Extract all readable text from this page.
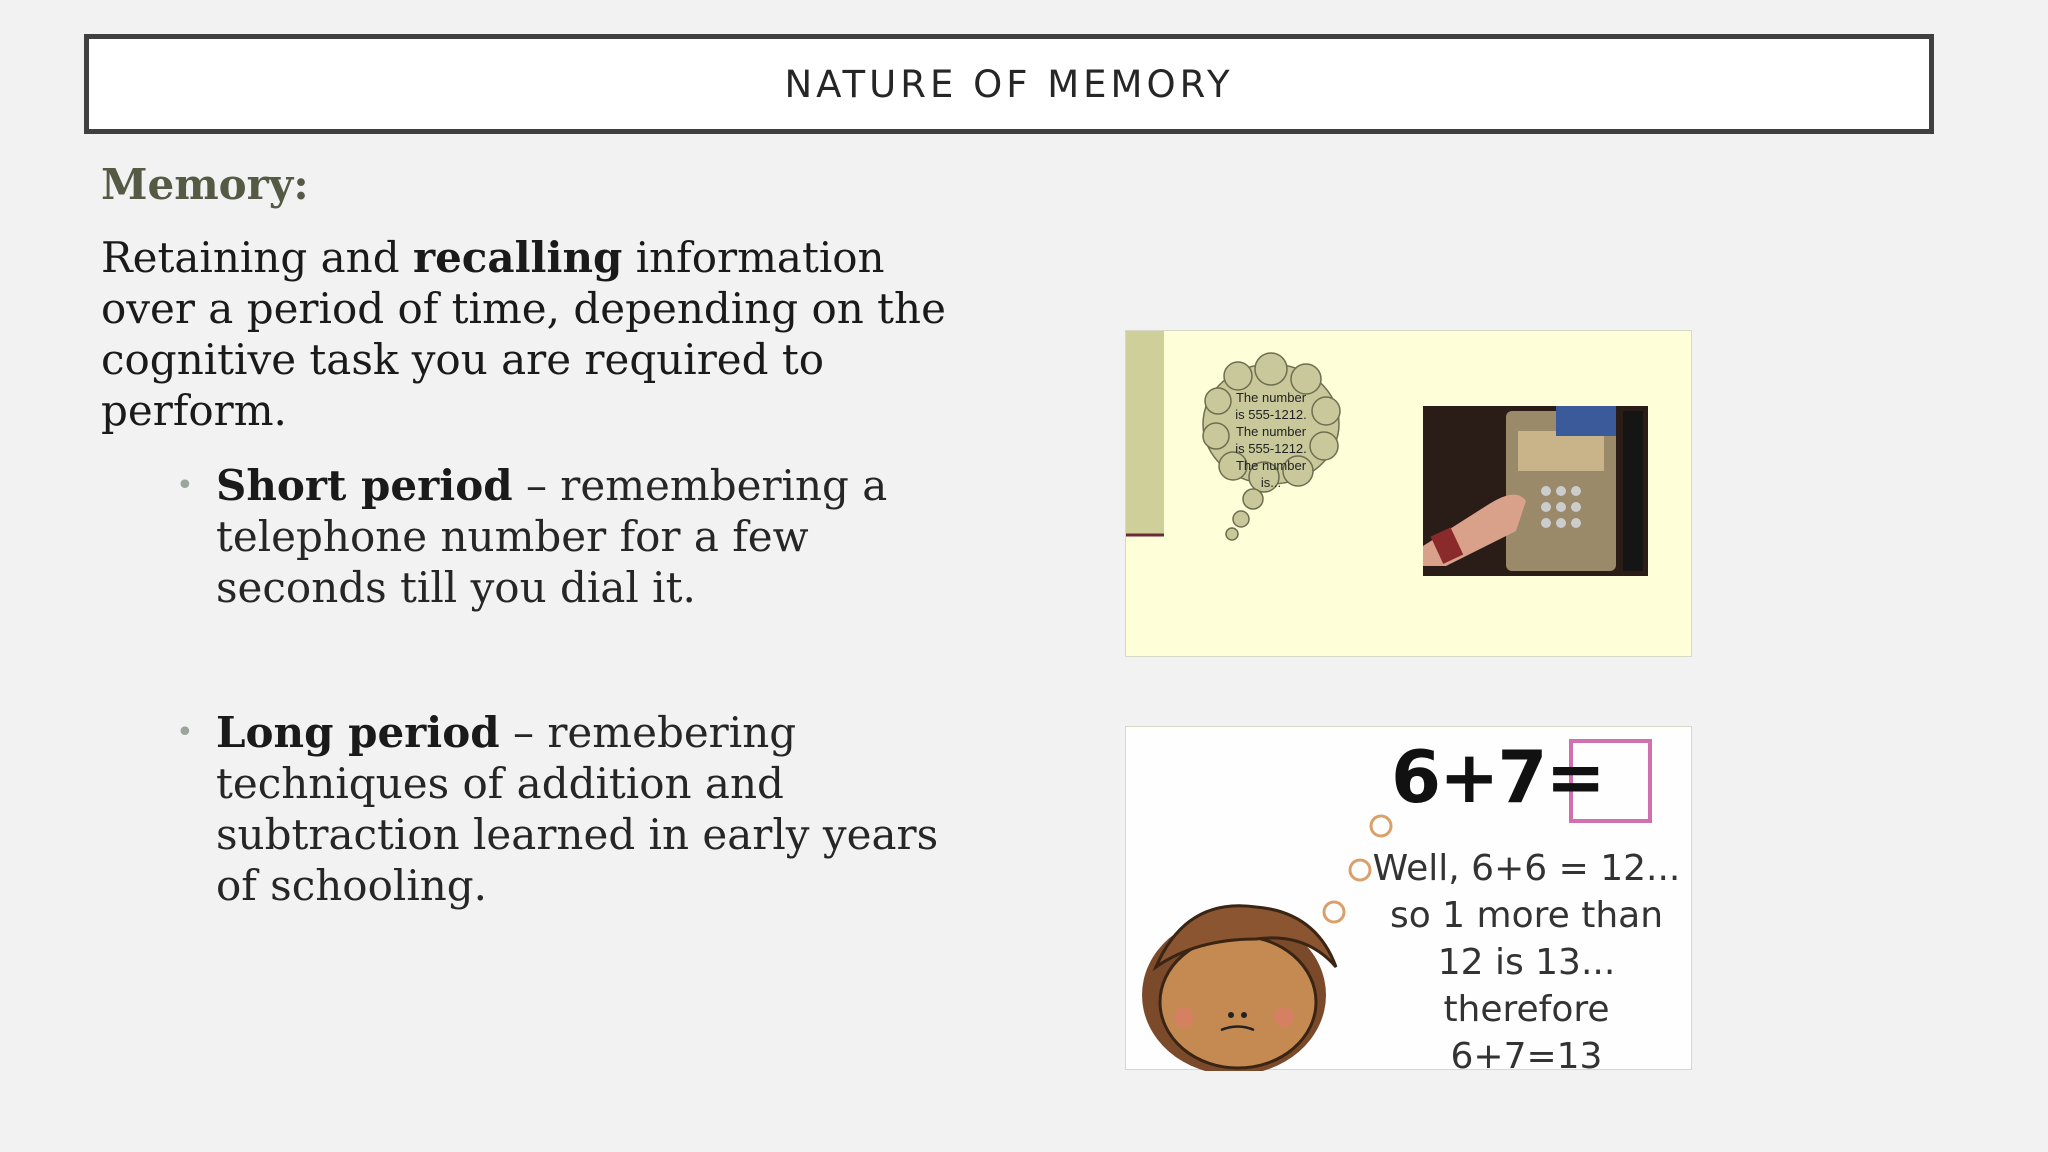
NATURE OF MEMORY

Memory:

Retaining and recalling information over a period of time, depending on the cognitive task you are required to perform.

• Short period – remembering a telephone number for a few seconds till you dial it.

• Long period – remebering techniques of addition and subtraction learned in early years of schooling.

The number
is 555-1212.
The number
is 555-1212.
The number
is...
6+7=
Well, 6+6 = 12...
so 1 more than
12 is 13...
therefore 6+7=13
